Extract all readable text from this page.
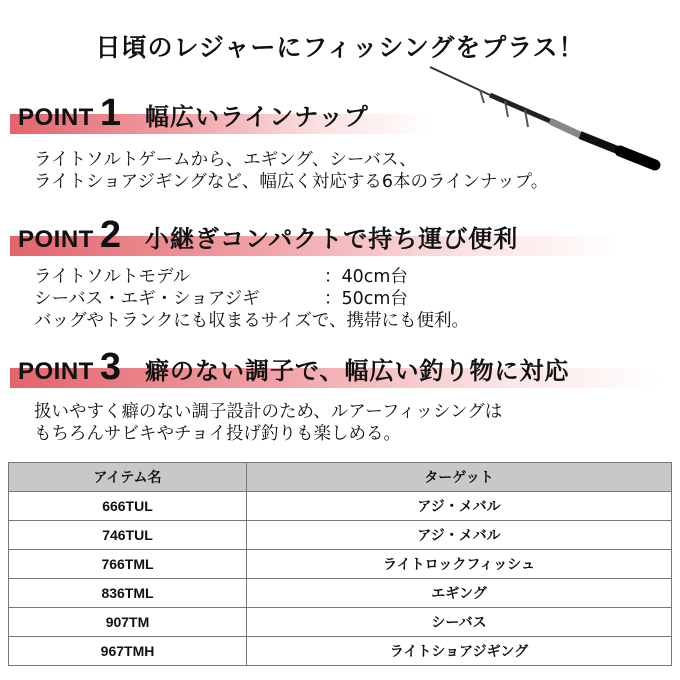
日頃のレジャーにフィッシングをプラス！
POINT 1 幅広いラインナップ
ライトソルトゲームから、エギング、シーバス、
ライトショアジギングなど、幅広く対応する6本のラインナップ。
POINT 2 小継ぎコンパクトで持ち運び便利
ライトソルトモデル	：40cm台
シーバス・エギ・ショアジギ	：50cm台
バッグやトランクにも収まるサイズで、携帯にも便利。
POINT 3 癖のない調子で、幅広い釣り物に対応
扱いやすく癖のない調子設計のため、ルアーフィッシングは
もちろんサビキやチョイ投げ釣りも楽しめる。
アイテム名	ターゲット
666TUL	アジ・メバル
746TUL	アジ・メバル
766TML	ライトロックフィッシュ
836TML	エギング
907TM	シーバス
967TMH	ライトショアジギング
